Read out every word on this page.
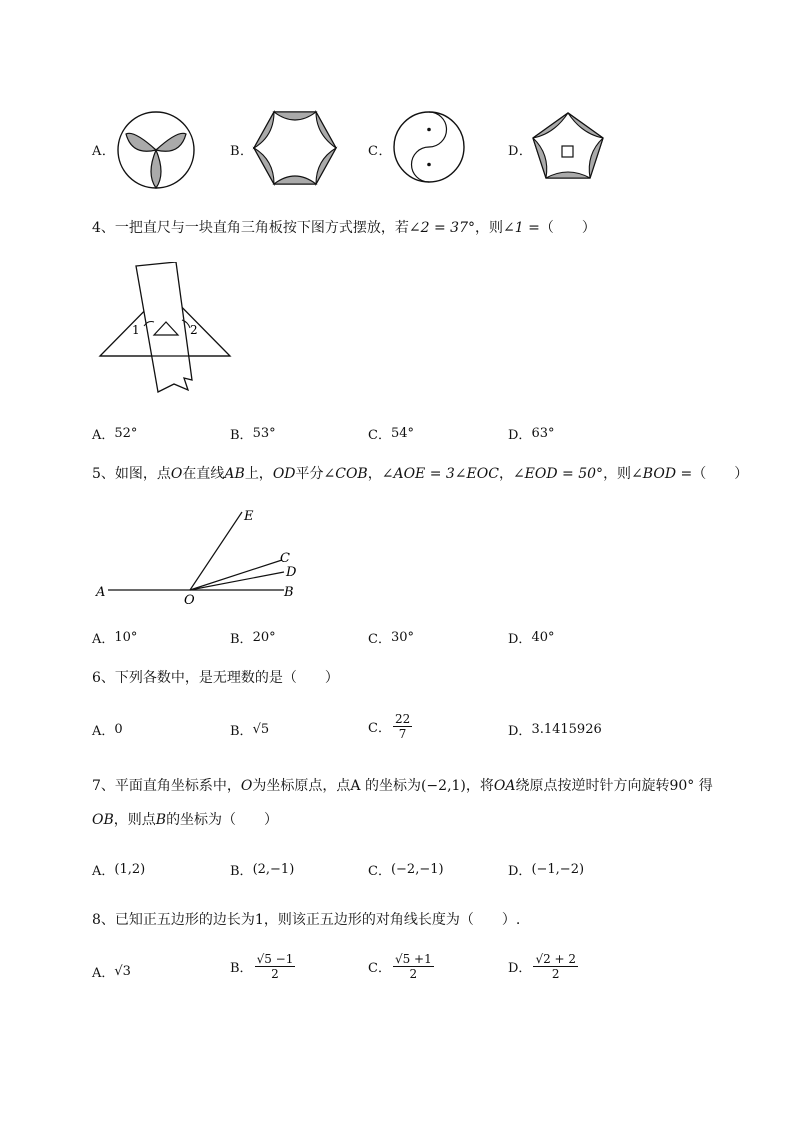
A．	B．	C．	D．
4、一把直尺与一块直角三角板按下图方式摆放，若∠2 = 37°，则∠1 =（　　）
1	2
A． 52°	B． 53°	C． 54°	D． 63°
5、如图，点O在直线AB上，OD平分∠COB，∠AOE = 3∠EOC，∠EOD = 50°，则∠BOD =（　　）
A
O
B
C
D
E
A． 10°	B． 20°	C． 30°	D． 40°
6、下列各数中，是无理数的是（　　）
A． 0	B． √5	C． $\frac{22}{7}$	D． 3.1415926
7、平面直角坐标系中，O为坐标原点，点A 的坐标为(−2,1)，将OA绕原点按逆时针方向旋转90° 得
OB，则点B的坐标为（　　）
A． (1,2)	B． (2,−1)	C． (−2,−1)	D． (−1,−2)
8、已知正五边形的边长为1，则该正五边形的对角线长度为（　　）.
A． √3	B． $\frac{√5 -1}{2}$	C． $\frac{√5 +1}{2}$	D． $\frac{√2 + 2}{2}$
